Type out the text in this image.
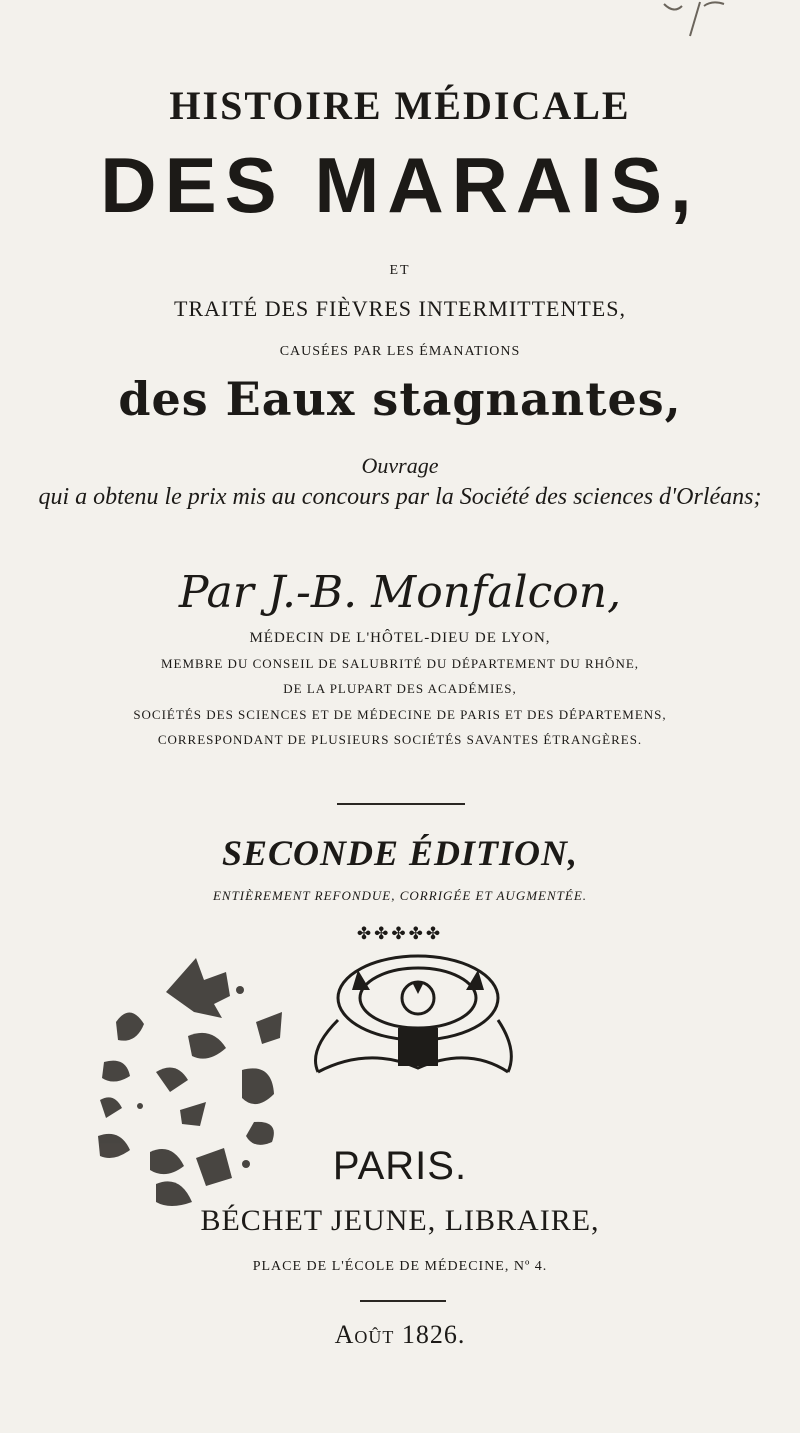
HISTOIRE MÉDICALE
DES MARAIS,
ET
TRAITÉ DES FIÈVRES INTERMITTENTES,
CAUSÉES PAR LES ÉMANATIONS
des Eaux stagnantes,
Ouvrage
qui a obtenu le prix mis au concours par la Société des sciences d'Orléans;
Par J.-B. Monfalcon,
MÉDECIN DE L'HÔTEL-DIEU DE LYON,
MEMBRE DU CONSEIL DE SALUBRITÉ DU DÉPARTEMENT DU RHÔNE,
DE LA PLUPART DES ACADÉMIES,
SOCIÉTÉS DES SCIENCES ET DE MÉDECINE DE PARIS ET DES DÉPARTEMENS,
CORRESPONDANT DE PLUSIEURS SOCIÉTÉS SAVANTES ÉTRANGÈRES.
SECONDE ÉDITION,
ENTIÈREMENT REFONDUE, CORRIGÉE ET AUGMENTÉE.
✤✤✤✤✤
PARIS.
BÉCHET JEUNE, LIBRAIRE,
PLACE DE L'ÉCOLE DE MÉDECINE, Nº 4.
Août 1826.
